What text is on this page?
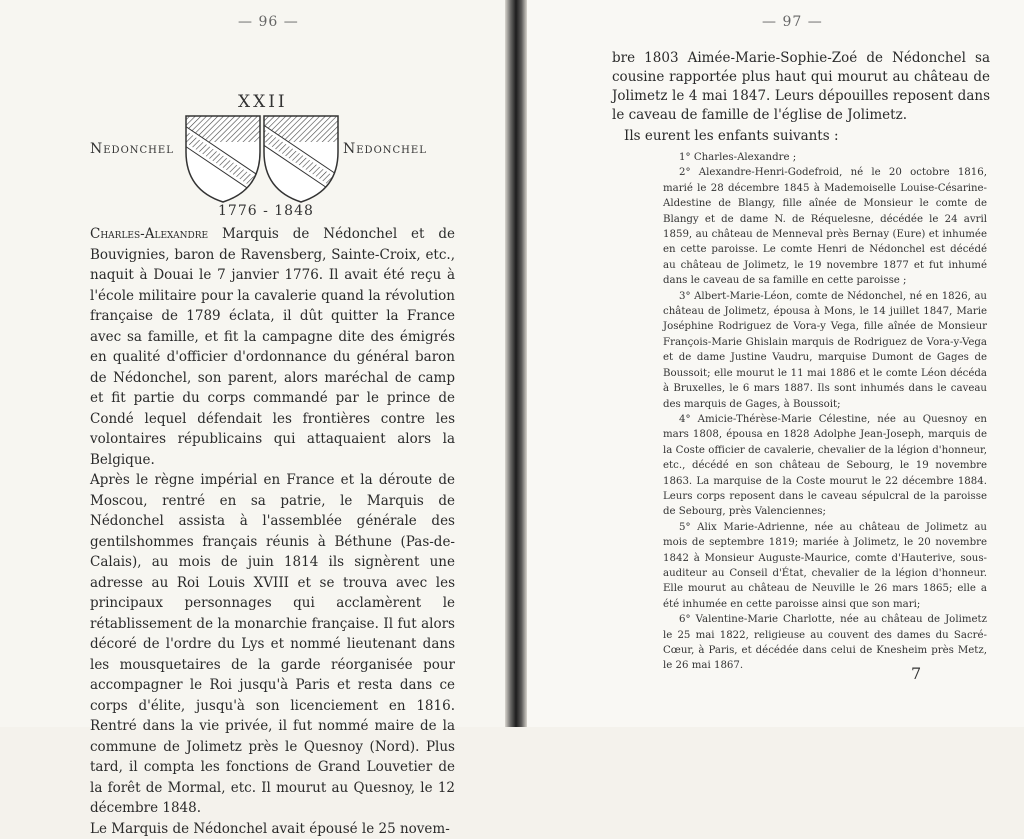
— 96 —	— 97 —
XXII
Nedonchel	Nedonchel
1776 - 1848

Charles-Alexandre Marquis de Nédonchel et de Bouvignies, baron de Ravensberg, Sainte-Croix, etc., naquit à Douai le 7 janvier 1776. Il avait été reçu à l'école militaire pour la cavalerie quand la révolution française de 1789 éclata, il dût quitter la France avec sa famille, et fit la campagne dite des émigrés en qualité d'officier d'ordonnance du général baron de Nédonchel, son parent, alors maréchal de camp et fit partie du corps commandé par le prince de Condé lequel défendait les frontières contre les volontaires républicains qui attaquaient alors la Belgique.

Après le règne impérial en France et la déroute de Moscou, rentré en sa patrie, le Marquis de Nédonchel assista à l'assemblée générale des gentilshommes français réunis à Béthune (Pas-de-Calais), au mois de juin 1814 ils signèrent une adresse au Roi Louis XVIII et se trouva avec les principaux personnages qui acclamèrent le rétablissement de la monarchie française. Il fut alors décoré de l'ordre du Lys et nommé lieutenant dans les mousquetaires de la garde réorganisée pour accompagner le Roi jusqu'à Paris et resta dans ce corps d'élite, jusqu'à son licenciement en 1816. Rentré dans la vie privée, il fut nommé maire de la commune de Jolimetz près le Quesnoy (Nord). Plus tard, il compta les fonctions de Grand Louvetier de la forêt de Mormal, etc. Il mourut au Quesnoy, le 12 décembre 1848.

Le Marquis de Nédonchel avait épousé le 25 novem-

bre 1803 Aimée-Marie-Sophie-Zoé de Nédonchel sa cousine rapportée plus haut qui mourut au château de Jolimetz le 4 mai 1847. Leurs dépouilles reposent dans le caveau de famille de l'église de Jolimetz.

Ils eurent les enfants suivants :

1° Charles-Alexandre ;

2° Alexandre-Henri-Godefroid, né le 20 octobre 1816, marié le 28 décembre 1845 à Mademoiselle Louise-Césarine-Aldestine de Blangy, fille aînée de Monsieur le comte de Blangy et de dame N. de Réquelesne, décédée le 24 avril 1859, au château de Menneval près Bernay (Eure) et inhumée en cette paroisse. Le comte Henri de Nédonchel est décédé au château de Jolimetz, le 19 novembre 1877 et fut inhumé dans le caveau de sa famille en cette paroisse ;

3° Albert-Marie-Léon, comte de Nédonchel, né en 1826, au château de Jolimetz, épousa à Mons, le 14 juillet 1847, Marie Joséphine Rodriguez de Vora-y Vega, fille aînée de Monsieur François-Marie Ghislain marquis de Rodriguez de Vora-y-Vega et de dame Justine Vaudru, marquise Dumont de Gages de Boussoit; elle mourut le 11 mai 1886 et le comte Léon décéda à Bruxelles, le 6 mars 1887. Ils sont inhumés dans le caveau des marquis de Gages, à Boussoit;

4° Amicie-Thérèse-Marie Célestine, née au Quesnoy en mars 1808, épousa en 1828 Adolphe Jean-Joseph, marquis de la Coste officier de cavalerie, chevalier de la légion d'honneur, etc., décédé en son château de Sebourg, le 19 novembre 1863. La marquise de la Coste mourut le 22 décembre 1884. Leurs corps reposent dans le caveau sépulcral de la paroisse de Sebourg, près Valenciennes;

5° Alix Marie-Adrienne, née au château de Jolimetz au mois de septembre 1819; mariée à Jolimetz, le 20 novembre 1842 à Monsieur Auguste-Maurice, comte d'Hauterive, sous-auditeur au Conseil d'État, chevalier de la légion d'honneur. Elle mourut au château de Neuville le 26 mars 1865; elle a été inhumée en cette paroisse ainsi que son mari;

6° Valentine-Marie Charlotte, née au château de Jolimetz le 25 mai 1822, religieuse au couvent des dames du Sacré-Cœur, à Paris, et décédée dans celui de Knesheim près Metz, le 26 mai 1867.	7
